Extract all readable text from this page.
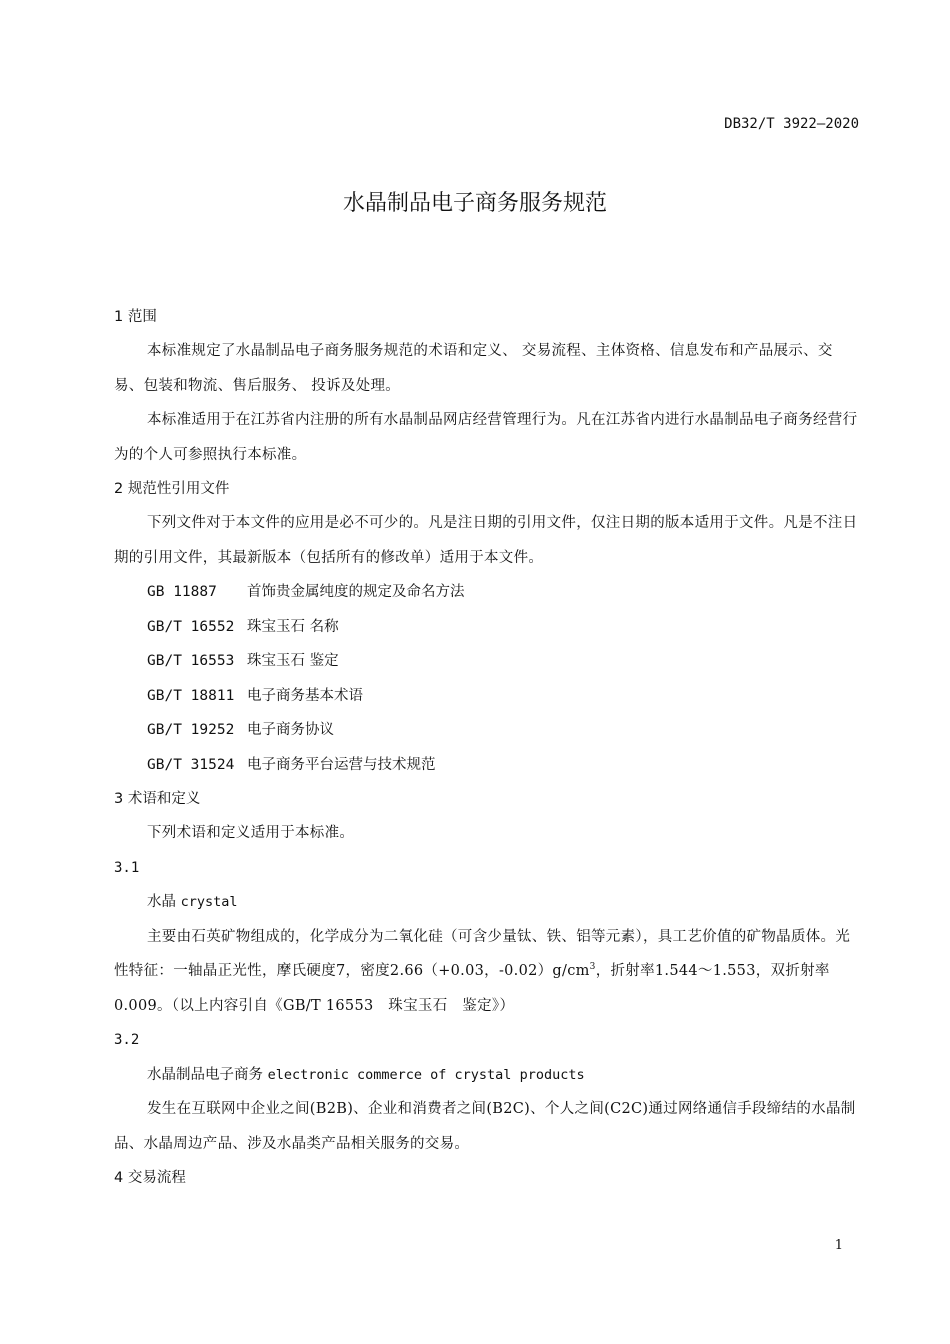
DB32/T 3922—2020
水晶制品电子商务服务规范
1 范围

本标准规定了水晶制品电子商务服务规范的术语和定义、 交易流程、主体资格、信息发布和产品展示、交易、包装和物流、售后服务、 投诉及处理。

本标准适用于在江苏省内注册的所有水晶制品网店经营管理行为。凡在江苏省内进行水晶制品电子商务经营行为的个人可参照执行本标准。

2 规范性引用文件

下列文件对于本文件的应用是必不可少的。凡是注日期的引用文件，仅注日期的版本适用于文件。凡是不注日期的引用文件，其最新版本（包括所有的修改单）适用于本文件。

GB 11887 首饰贵金属纯度的规定及命名方法
GB/T 16552 珠宝玉石 名称
GB/T 16553 珠宝玉石 鉴定
GB/T 18811 电子商务基本术语
GB/T 19252 电子商务协议
GB/T 31524 电子商务平台运营与技术规范
3 术语和定义

下列术语和定义适用于本标准。

3.1
水晶 crystal

主要由石英矿物组成的，化学成分为二氧化硅（可含少量钛、铁、铝等元素），具工艺价值的矿物晶质体。光性特征：一轴晶正光性，摩氏硬度7，密度2.66（+0.03，$-0.02)g/cm^3$，折射率1.544～1.553，双折射率0.009。（以上内容引自《GB/T 16553　珠宝玉石　鉴定》）

3.2
水晶制品电子商务 electronic commerce of crystal products

发生在互联网中企业之间(B2B)、企业和消费者之间(B2C)、个人之间(C2C)通过网络通信手段缔结的水晶制品、水晶周边产品、涉及水晶类产品相关服务的交易。

4 交易流程
1
